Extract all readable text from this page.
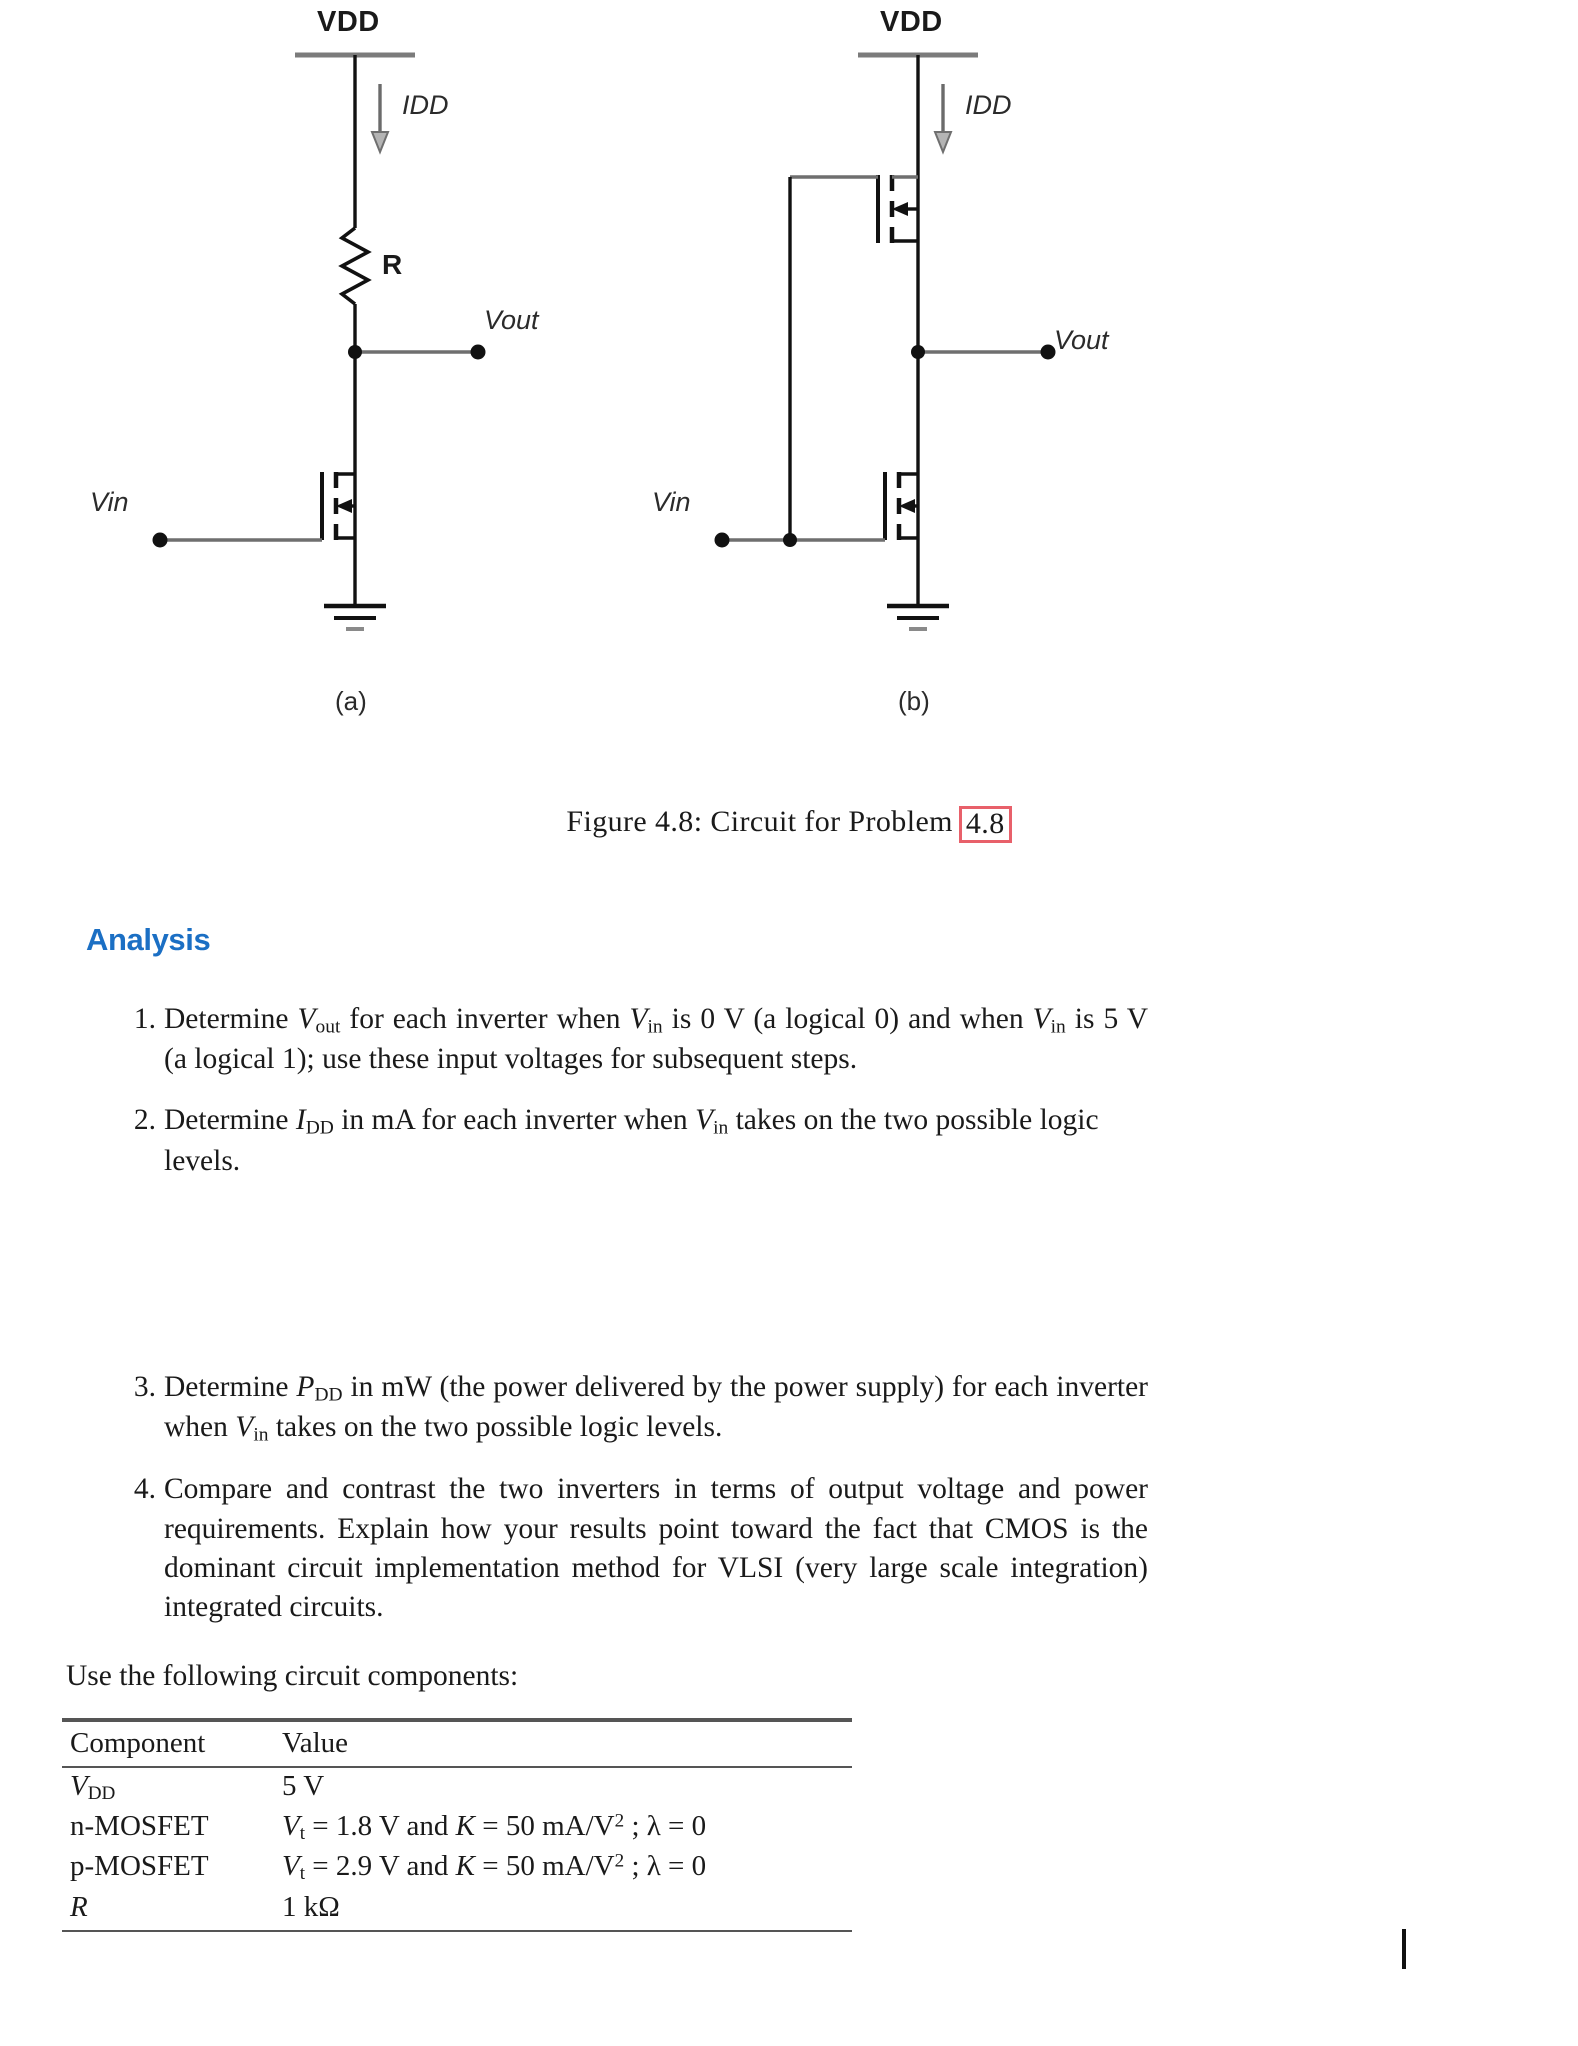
VDD
IDD
R
Vout
Vin
(a)
VDD
IDD
Vout
Vin
(b)
Figure 4.8: Circuit for Problem 4.8
Analysis
1. Determine $V_{out}$ for each inverter when $V_{in}$ is 0 V (a logical 0) and when $V_{in}$ is 5 V (a logical 1); use these input voltages for subsequent steps.
2. Determine $I_{DD}$ in mA for each inverter when $V_{in}$ takes on the two possible logic levels.
3. Determine $P_{DD}$ in mW (the power delivered by the power supply) for each inverter when $V_{in}$ takes on the two possible logic levels.
4. Compare and contrast the two inverters in terms of output voltage and power requirements. Explain how your results point toward the fact that CMOS is the dominant circuit implementation method for VLSI (very large scale integration) integrated circuits.
Use the following circuit components:

Component	Value
$V_{DD}$	5 V
n-MOSFET	$V_t = 1.8$ V and K = 50 $mA/V^2$ ; λ = 0
p-MOSFET	$V_t = 2.9$ V and K = 50 $mA/V^2$ ; λ = 0
R	1 kΩ
